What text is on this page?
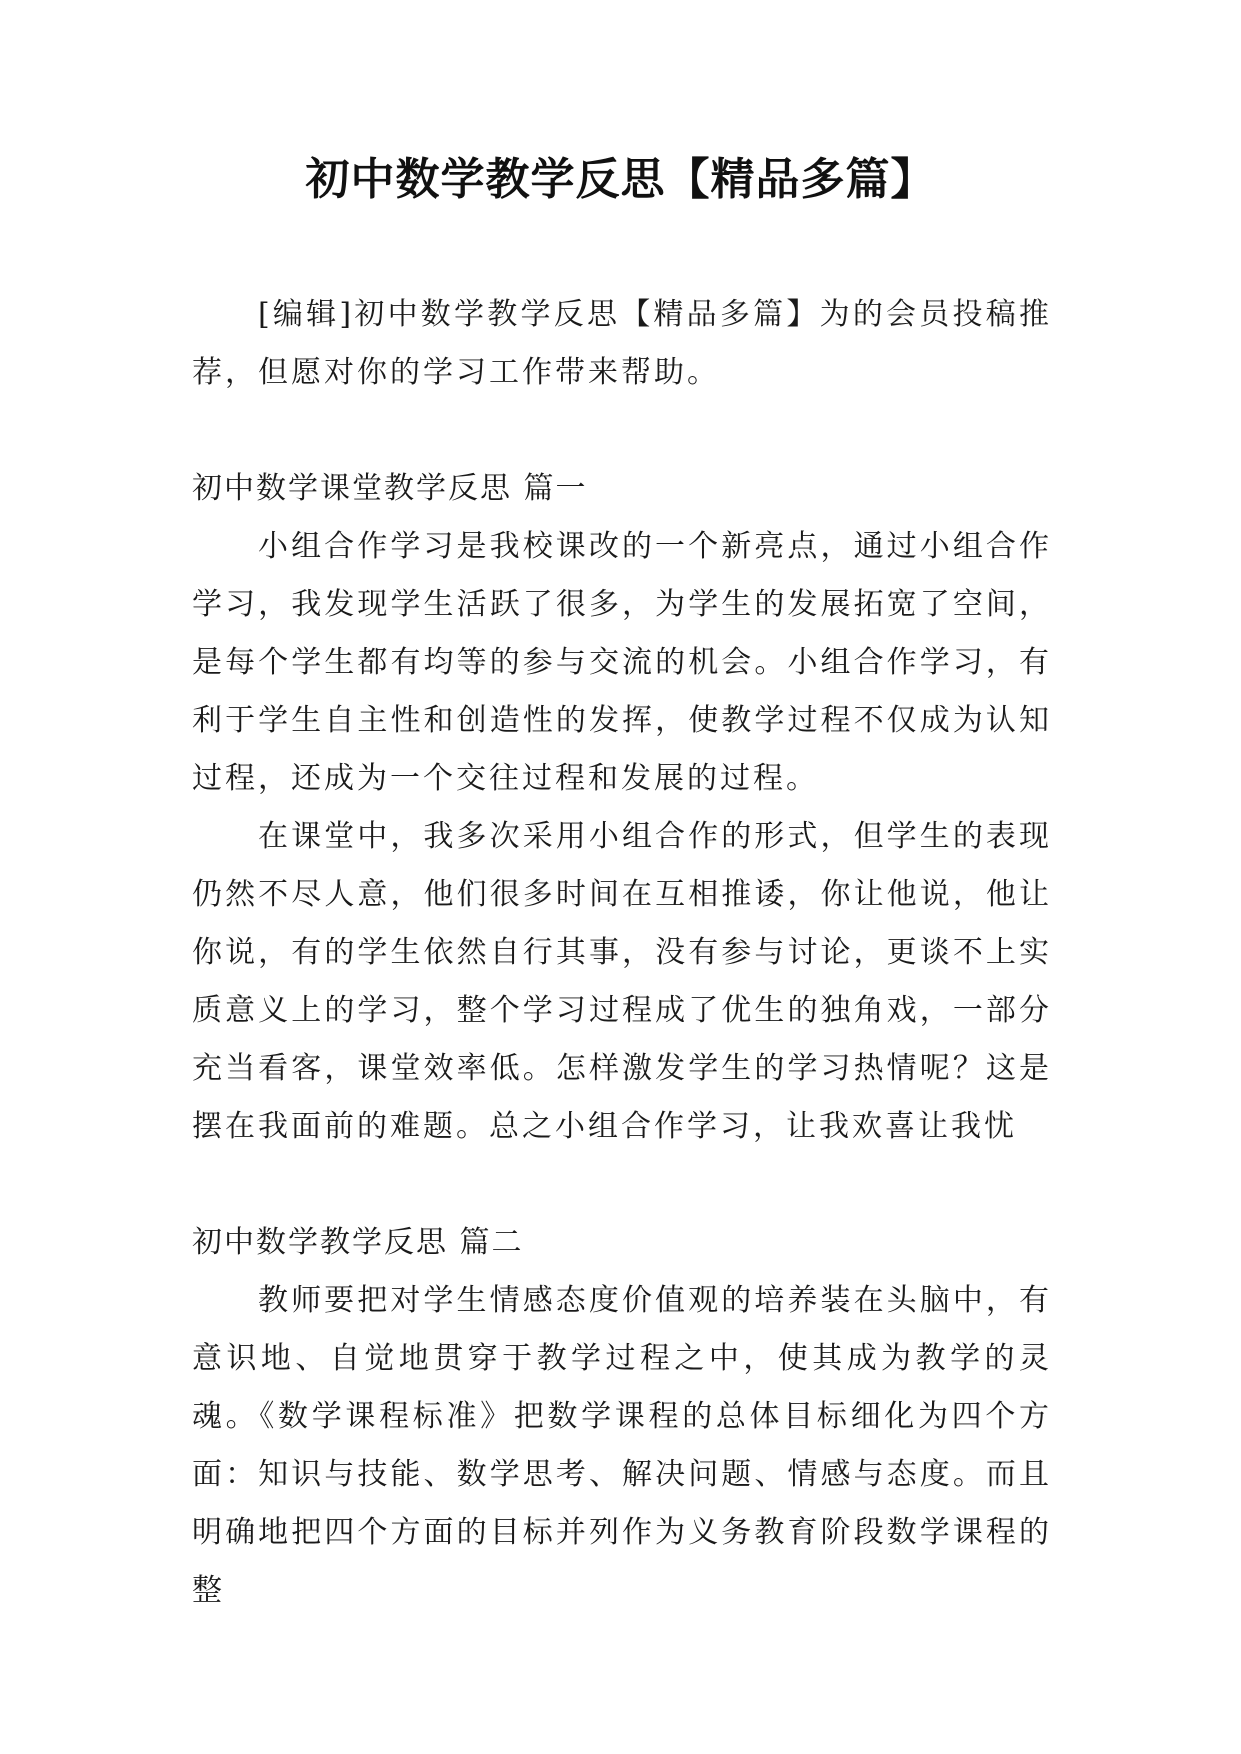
初中数学教学反思【精品多篇】

[编辑]初中数学教学反思【精品多篇】为的会员投稿推荐，但愿对你的学习工作带来帮助。

初中数学课堂教学反思 篇一

小组合作学习是我校课改的一个新亮点，通过小组合作学习，我发现学生活跃了很多，为学生的发展拓宽了空间，是每个学生都有均等的参与交流的机会。小组合作学习，有利于学生自主性和创造性的发挥，使教学过程不仅成为认知过程，还成为一个交往过程和发展的过程。

在课堂中，我多次采用小组合作的形式，但学生的表现仍然不尽人意，他们很多时间在互相推诿，你让他说，他让你说，有的学生依然自行其事，没有参与讨论，更谈不上实质意义上的学习，整个学习过程成了优生的独角戏，一部分充当看客，课堂效率低。怎样激发学生的学习热情呢？这是摆在我面前的难题。总之小组合作学习，让我欢喜让我忧

初中数学教学反思 篇二

教师要把对学生情感态度价值观的培养装在头脑中，有意识地、自觉地贯穿于教学过程之中，使其成为教学的灵魂。《数学课程标准》把数学课程的总体目标细化为四个方面：知识与技能、数学思考、解决问题、情感与态度。而且明确地把四个方面的目标并列作为义务教育阶段数学课程的整
